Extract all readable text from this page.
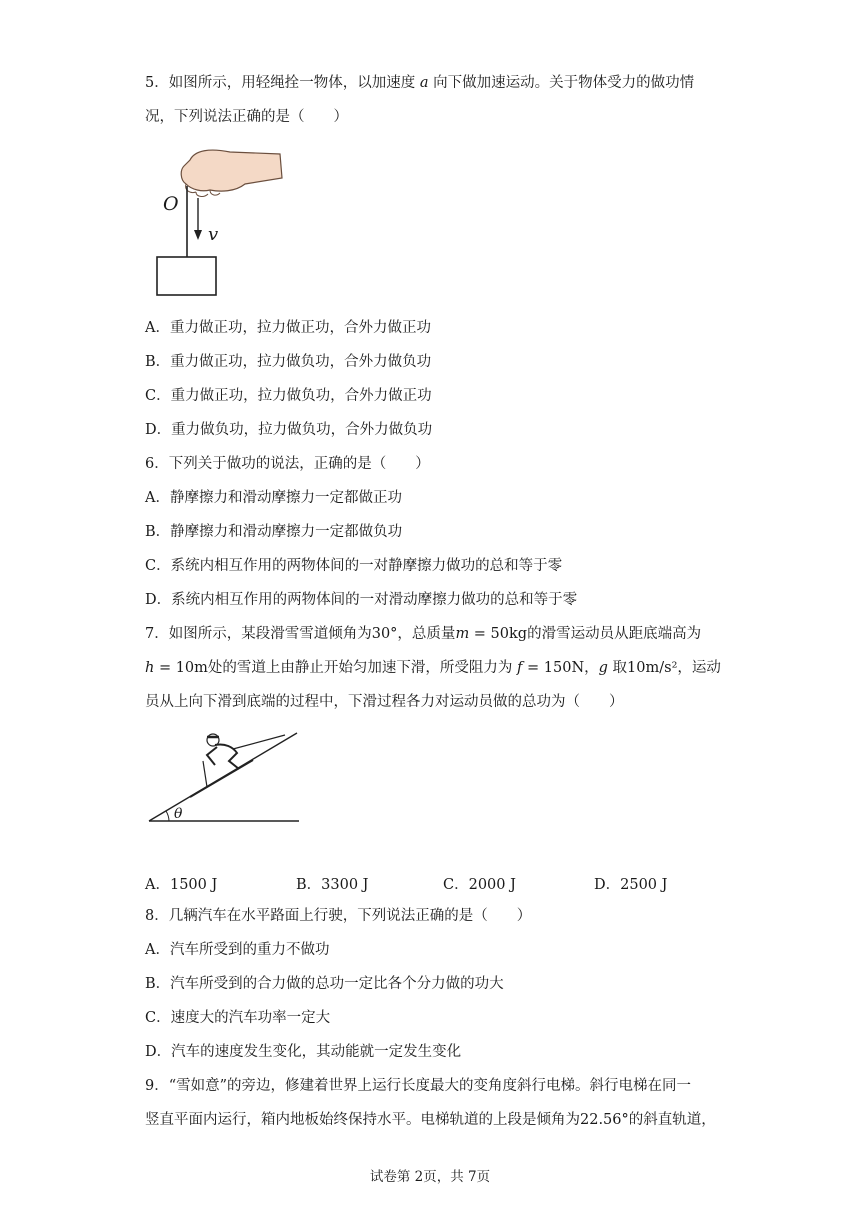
5．如图所示，用轻绳拴一物体，以加速度 a 向下做加速运动。关于物体受力的做功情
况，下列说法正确的是（　　）
O
v
A．重力做正功，拉力做正功，合外力做正功
B．重力做正功，拉力做负功，合外力做负功
C．重力做正功，拉力做负功，合外力做正功
D．重力做负功，拉力做负功，合外力做负功
6．下列关于做功的说法，正确的是（　　）
A．静摩擦力和滑动摩擦力一定都做正功
B．静摩擦力和滑动摩擦力一定都做负功
C．系统内相互作用的两物体间的一对静摩擦力做功的总和等于零
D．系统内相互作用的两物体间的一对滑动摩擦力做功的总和等于零
7．如图所示，某段滑雪雪道倾角为30°，总质量m = 50kg的滑雪运动员从距底端高为
h = 10m处的雪道上由静止开始匀加速下滑，所受阻力为 f = 150N，g 取10m/s²，运动
员从上向下滑到底端的过程中，下滑过程各力对运动员做的总功为（　　）
θ
A．1500 J	B．3300 J	C．2000 J	D．2500 J
8．几辆汽车在水平路面上行驶，下列说法正确的是（　　）
A．汽车所受到的重力不做功
B．汽车所受到的合力做的总功一定比各个分力做的功大
C．速度大的汽车功率一定大
D．汽车的速度发生变化，其动能就一定发生变化
9．“雪如意”的旁边，修建着世界上运行长度最大的变角度斜行电梯。斜行电梯在同一
竖直平面内运行，箱内地板始终保持水平。电梯轨道的上段是倾角为22.56°的斜直轨道，
试卷第 2页，共 7页
